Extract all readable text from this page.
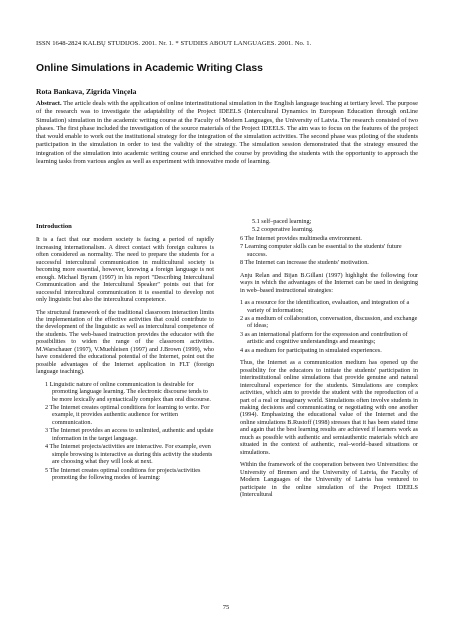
ISSN 1648-2824 KALBŲ STUDIJOS. 2001. Nr. 1. * STUDIES ABOUT LANGUAGES. 2001. No. 1.
Online Simulations in Academic Writing Class
Rota Bankava, Zigrida Vinçela

Abstract. The article deals with the application of online interinstitutional simulation in the English language teaching at tertiary level. The purpose of the research was to investigate the adaptability of the Project IDEELS (Intercultural Dynamics in European Education through onLine Simulation) simulation in the academic writing course at the Faculty of Modern Languages, the University of Latvia. The research consisted of two phases. The first phase included the investigation of the source materials of the Project IDEELS. The aim was to focus on the features of the project that would enable to work out the institutional strategy for the integration of the simulation activities. The second phase was piloting of the students participation in the simulation in order to test the validity of the strategy. The simulation session demonstrated that the strategy ensured the integration of the simulation into academic writing course and enriched the course by providing the students with the opportunity to approach the learning tasks from various angles as well as experiment with innovative mode of learning.

Introduction

It is a fact that our modern society is facing a period of rapidly increasing internationalism. A direct contact with foreign cultures is often considered as normality. The need to prepare the students for a successful intercultural communication in multicultural society is becoming more essential, however, knowing a foreign language is not enough. Michael Byram (1997) in his report "Describing Intercultural Communication and the Intercultural Speaker" points out that for successful intercultural communication it is essential to develop not only linguistic but also the intercultural competence.

The structural framework of the traditional classroom interaction limits the implementation of the effective activities that could contribute to the development of the linguistic as well as intercultural competence of the students. The web-based instruction provides the educator with the possibilities to widen the range of the classroom activities. M.Warschauer (1997), V.Muehleisen (1997) and J.Brown (1999), who have considered the educational potential of the Internet, point out the possible advantages of the Internet application in FLT (foreign language teaching).

1 Linguistic nature of online communication is desirable for promoting language learning. The electronic discourse tends to be more lexically and syntactically complex than oral discourse.
2 The Internet creates optimal conditions for learning to write. For example, it provides authentic audience for written communication.
3 The Internet provides an access to unlimited, authentic and update information in the target language.
4 The Internet projects/activities are interactive. For example, even simple browsing is interactive as during this activity the students are choosing what they will look at next.
5 The Internet creates optimal conditions for projects/activities promoting the following modes of learning:
5.1 self–paced learning;
5.2 cooperative learning.
6 The Internet provides multimedia environment.
7 Learning computer skills can be essential to the students' future success.
8 The Internet can increase the students' motivation.

Anju Relan and Bijan B.Gillani (1997) highlight the following four ways in which the advantages of the Internet can be used in designing in web–based instructional strategies:

1 as a resource for the identification, evaluation, and integration of a variety of information;
2 as a medium of collaboration, conversation, discussion, and exchange of ideas;
3 as an international platform for the expression and contribution of artistic and cognitive understandings and meanings;
4 as a medium for participating in simulated experiences.

Thus, the Internet as a communication medium has opened up the possibility for the educators to initiate the students' participation in interinstitutional online simulations that provide genuine and natural intercultural experience for the students. Simulations are complex activities, which aim to provide the student with the reproduction of a part of a real or imaginary world. Simulations often involve students in making decisions and communicating or negotiating with one another (1994). Emphasizing the educational value of the Internet and the online simulations B.Rustoff (1998) stresses that it has been stated time and again that the best learning results are achieved if learners work as much as possible with authentic and semiauthentic materials which are situated in the context of authentic, real–world–based situations or simulations.

Within the framework of the cooperation between two Universities: the University of Bremen and the University of Latvia, the Faculty of Modern Languages of the University of Latvia has ventured to participate in the online simulation of the Project IDEELS (Intercultural

75
